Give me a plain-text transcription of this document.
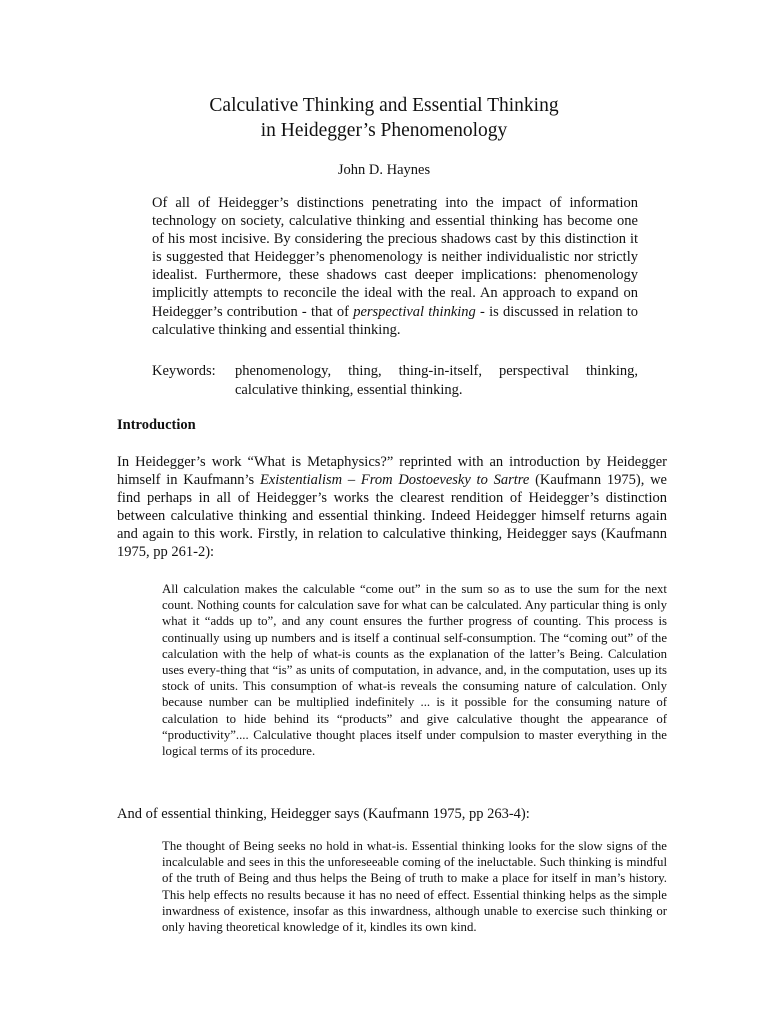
Calculative Thinking and Essential Thinking
in Heidegger’s Phenomenology
John D. Haynes

Of all of Heidegger’s distinctions penetrating into the impact of information technology on society, calculative thinking and essential thinking has become one of his most incisive. By considering the precious shadows cast by this distinction it is suggested that Heidegger’s phenomenology is neither individualistic nor strictly idealist. Furthermore, these shadows cast deeper implications: phenomenology implicitly attempts to reconcile the ideal with the real. An approach to expand on Heidegger’s contribution - that of perspectival thinking - is discussed in relation to calculative thinking and essential thinking.

Keywords:	phenomenology, thing, thing-in-itself, perspectival thinking, calculative thinking, essential thinking.
Introduction

In Heidegger’s work “What is Metaphysics?” reprinted with an introduction by Heidegger himself in Kaufmann’s Existentialism – From Dostoevesky to Sartre (Kaufmann 1975), we find perhaps in all of Heidegger’s works the clearest rendition of Heidegger’s distinction between calculative thinking and essential thinking. Indeed Heidegger himself returns again and again to this work. Firstly, in relation to calculative thinking, Heidegger says (Kaufmann 1975, pp 261-2):

All calculation makes the calculable “come out” in the sum so as to use the sum for the next count. Nothing counts for calculation save for what can be calculated. Any particular thing is only what it “adds up to”, and any count ensures the further progress of counting. This process is continually using up numbers and is itself a continual self-consumption. The “coming out” of the calculation with the help of what-is counts as the explanation of the latter’s Being. Calculation uses every-thing that “is” as units of computation, in advance, and, in the computation, uses up its stock of units. This consumption of what-is reveals the consuming nature of calculation. Only because number can be multiplied indefinitely ... is it possible for the consuming nature of calculation to hide behind its “products” and give calculative thought the appearance of “productivity”.... Calculative thought places itself under compulsion to master everything in the logical terms of its procedure.

And of essential thinking, Heidegger says (Kaufmann 1975, pp 263-4):

The thought of Being seeks no hold in what-is. Essential thinking looks for the slow signs of the incalculable and sees in this the unforeseeable coming of the ineluctable. Such thinking is mindful of the truth of Being and thus helps the Being of truth to make a place for itself in man’s history. This help effects no results because it has no need of effect. Essential thinking helps as the simple inwardness of existence, insofar as this inwardness, although unable to exercise such thinking or only having theoretical knowledge of it, kindles its own kind.
